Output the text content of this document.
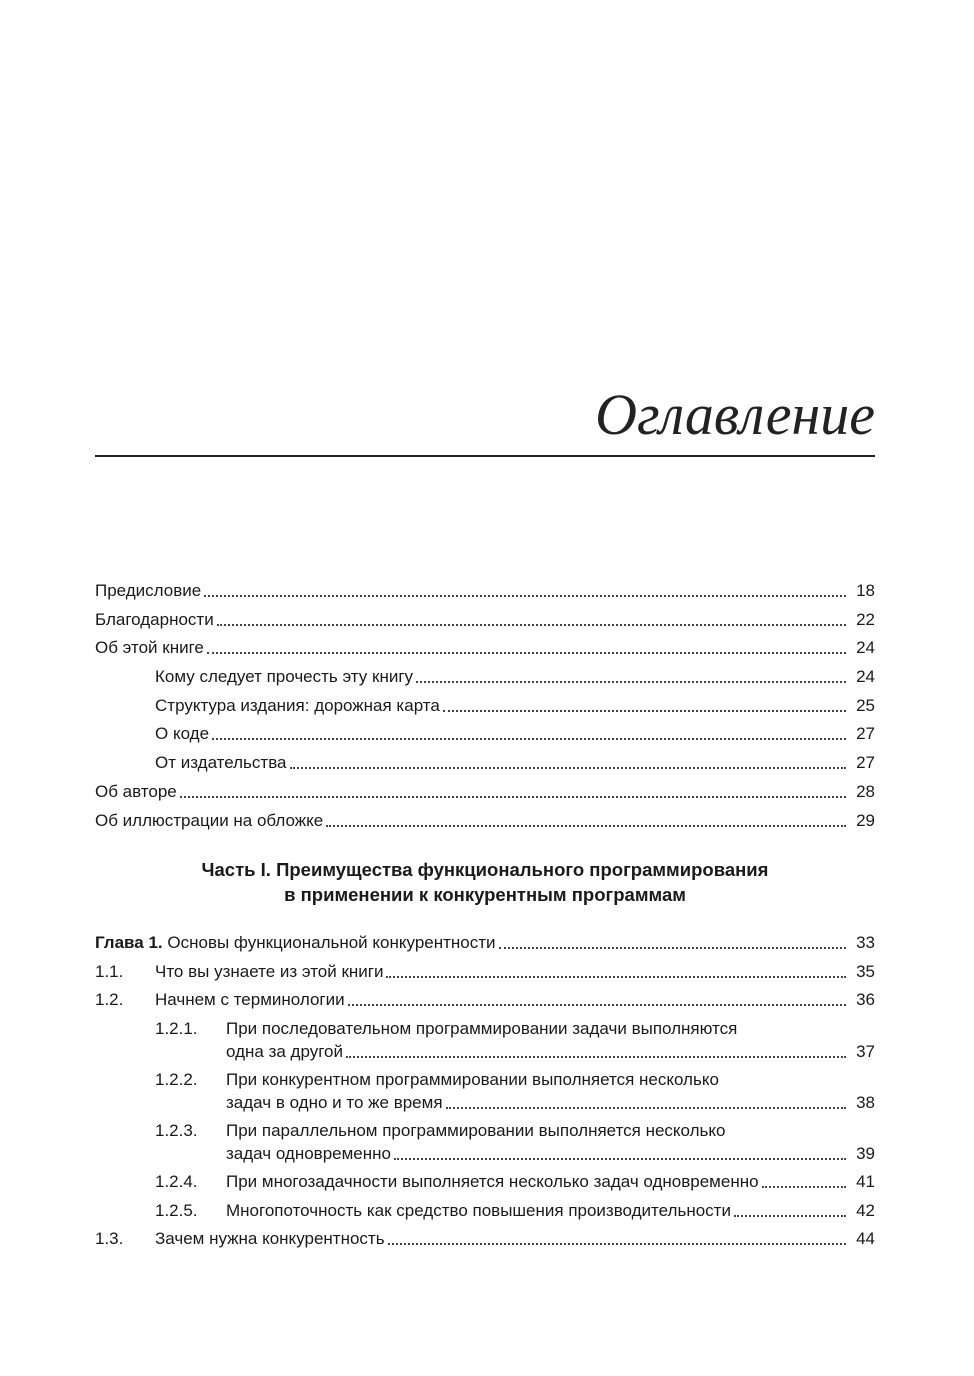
Оглавление
Предисловие	18
Благодарности	22
Об этой книге	24
Кому следует прочесть эту книгу	24
Структура издания: дорожная карта	25
О коде	27
От издательства	27
Об авторе	28
Об иллюстрации на обложке	29
Часть I. Преимущества функционального программирования
в применении к конкурентным программам
Глава 1. Основы функциональной конкурентности	33
1.1. Что вы узнаете из этой книги	35
1.2. Начнем с терминологии	36
1.2.1. При последовательном программировании задачи выполняются
одна за другой	37
1.2.2. При конкурентном программировании выполняется несколько
задач в одно и то же время	38
1.2.3. При параллельном программировании выполняется несколько
задач одновременно	39
1.2.4. При многозадачности выполняется несколько задач одновременно	41
1.2.5. Многопоточность как средство повышения производительности	42
1.3. Зачем нужна конкурентность	44
